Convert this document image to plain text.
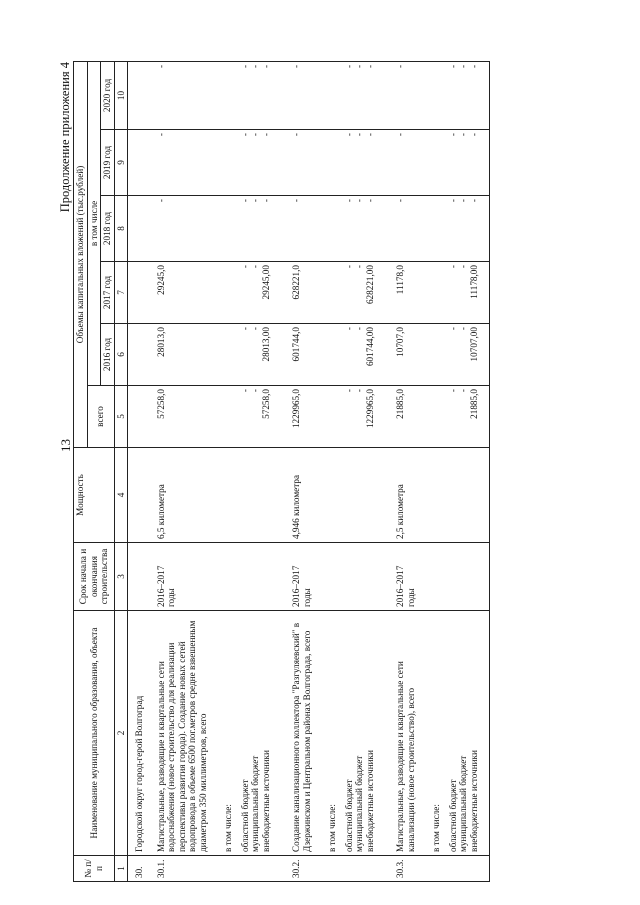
13
Продолжение приложения 4
№ п/п	Наименование муниципального образования, объекта	Срок начала и окончания строительства	Мощность	Объемы капитальных вложений (тыс.рублей)					
				всего	в том числе				
					2016 год	2017 год	2018 год	2019 год	2020 год
1	2	3	4	5	6	7	8	9	10
30.	Городской округ город-герой Волгоград								
30.1.	Магистральные, разводящие и квартальные сети водоснабжения (новое строительство для реализации перспективы развития города). Создание новых сетей водопровода в объеме 6500 пог.метров средне взвешенным диаметром 350 миллиметров, всего	2016–2017 годы	6,5 километра	57258,0	28013,0	29245,0	-	-	-
	в том числе:								
	областной бюджет			-	-	-	-	-	-
	муниципальный бюджет			-	-	-	-	-	-
	внебюджетные источники			57258,0	28013,00	29245,00	-	-	-
30.2.	Создание канализационного коллектора "Разгуляевский" в Дзержинском и Центральном районах Волгограда, всего	2016–2017 годы	4,946 километра	1229965,0	601744,0	628221,0	-	-	-
	в том числе:								
	областной бюджет			-	-	-	-	-	-
	муниципальный бюджет			-	-	-	-	-	-
	внебюджетные источники			1229965,0	601744,00	628221,00	-	-	-
30.3.	Магистральные, разводящие и квартальные сети канализации (новое строительство), всего	2016–2017 годы	2,5 километра	21885,0	10707,0	11178,0	-	-	-
	в том числе:								
	областной бюджет			-	-	-	-	-	-
	муниципальный бюджет			-	-	-	-	-	-
	внебюджетные источники			21885,0	10707,00	11178,00	-	-	-
